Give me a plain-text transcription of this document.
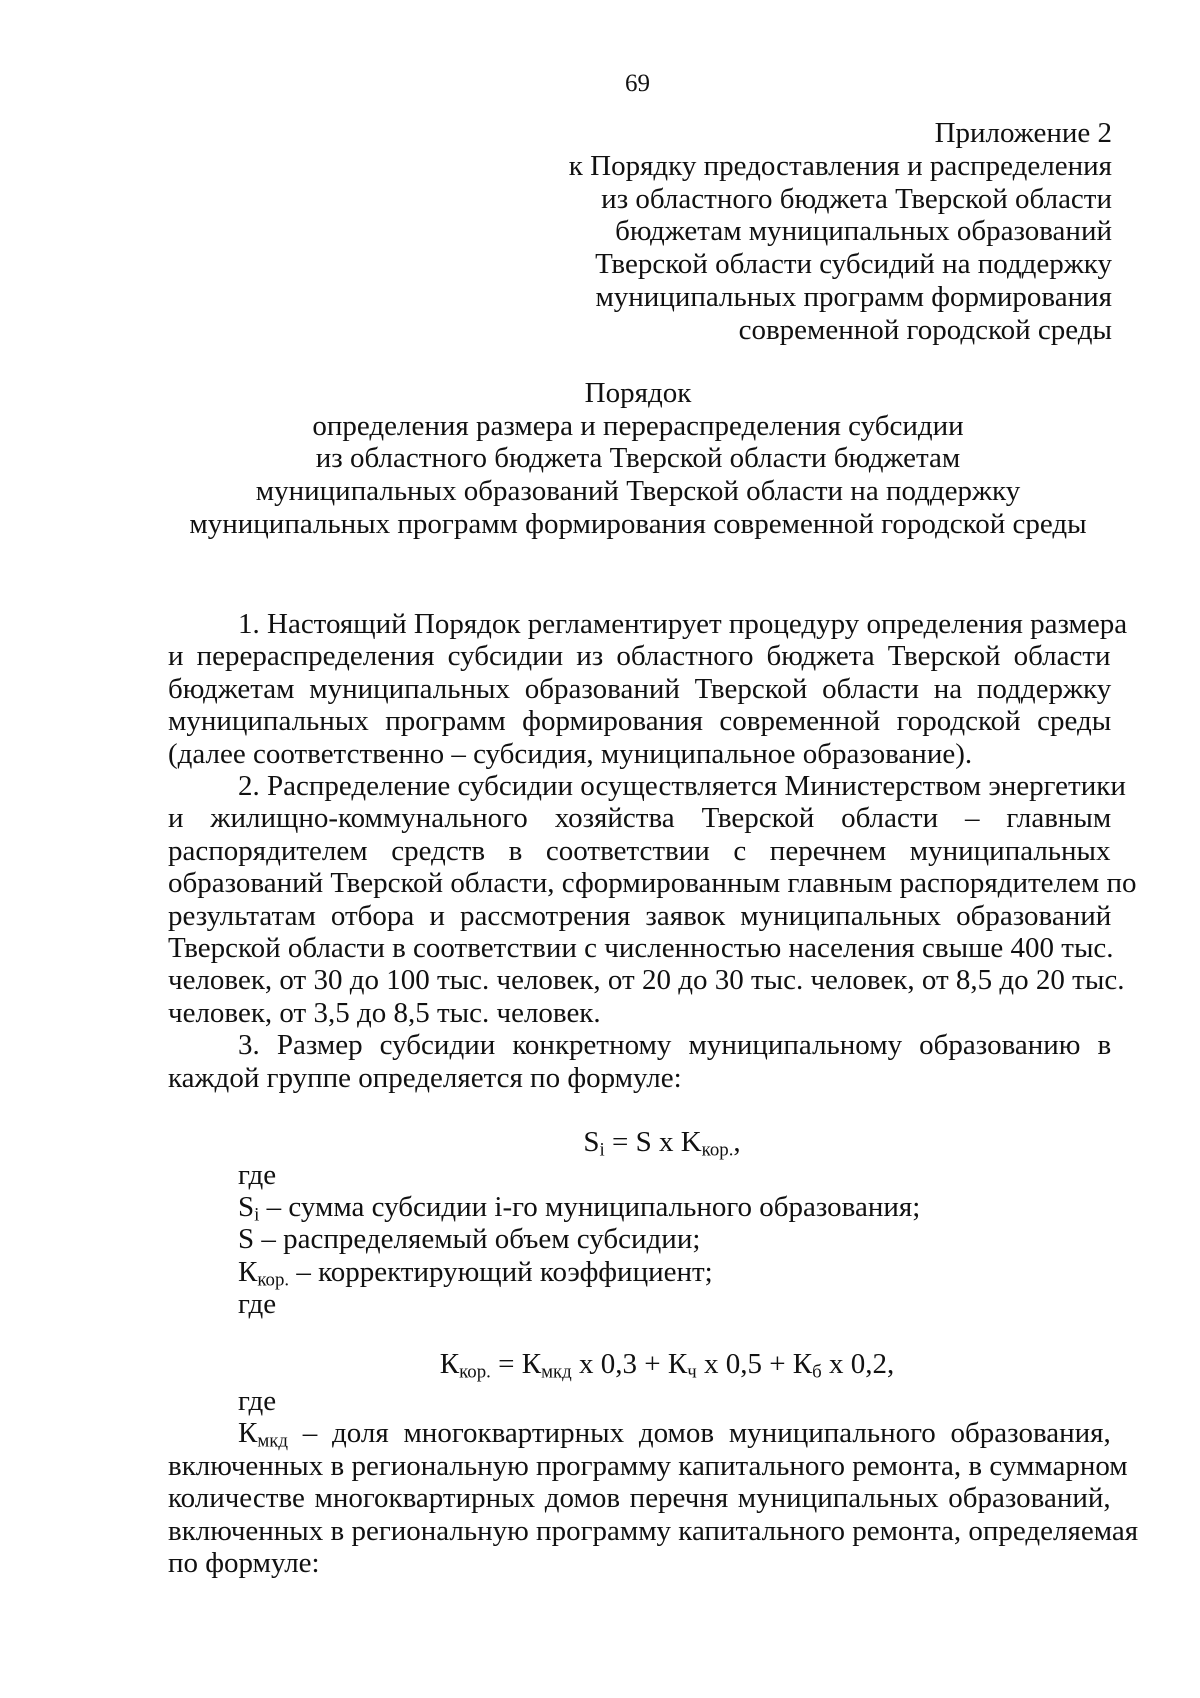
69
Приложение 2
к Порядку предоставления и распределения
из областного бюджета Тверской области
бюджетам муниципальных образований
Тверской области субсидий на поддержку
муниципальных программ формирования
современной городской среды
Порядок
определения размера и перераспределения субсидии
из областного бюджета Тверской области бюджетам
муниципальных образований Тверской области на поддержку
муниципальных программ формирования современной городской среды
1. Настоящий Порядок регламентирует процедуру определения размера
и перераспределения субсидии из областного бюджета Тверской области
бюджетам муниципальных образований Тверской области на поддержку
муниципальных программ формирования современной городской среды
(далее соответственно – субсидия, муниципальное образование).
2. Распределение субсидии осуществляется Министерством энергетики
и жилищно-коммунального хозяйства Тверской области – главным
распорядителем средств в соответствии с перечнем муниципальных
образований Тверской области, сформированным главным распорядителем по
результатам отбора и рассмотрения заявок муниципальных образований
Тверской области в соответствии с численностью населения свыше 400 тыс.
человек, от 30 до 100 тыс. человек, от 20 до 30 тыс. человек, от 8,5 до 20 тыс.
человек, от 3,5 до 8,5 тыс. человек.
3. Размер субсидии конкретному муниципальному образованию в
каждой группе определяется по формуле:
$S_i = S$ x $K_{кор.}$,
где
$S_i$ – сумма субсидии i-го муниципального образования;
S – распределяемый объем субсидии;
$К_{кор.}$ – корректирующий коэффициент;
где
$К_{кор.} = К_{мкд}$ x $0,3 + К_ч$ x $0,5 + К_б$ x 0,2,
где
$К_{мкд}$ – доля многоквартирных домов муниципального образования,
включенных в региональную программу капитального ремонта, в суммарном
количестве многоквартирных домов перечня муниципальных образований,
включенных в региональную программу капитального ремонта, определяемая
по формуле:
